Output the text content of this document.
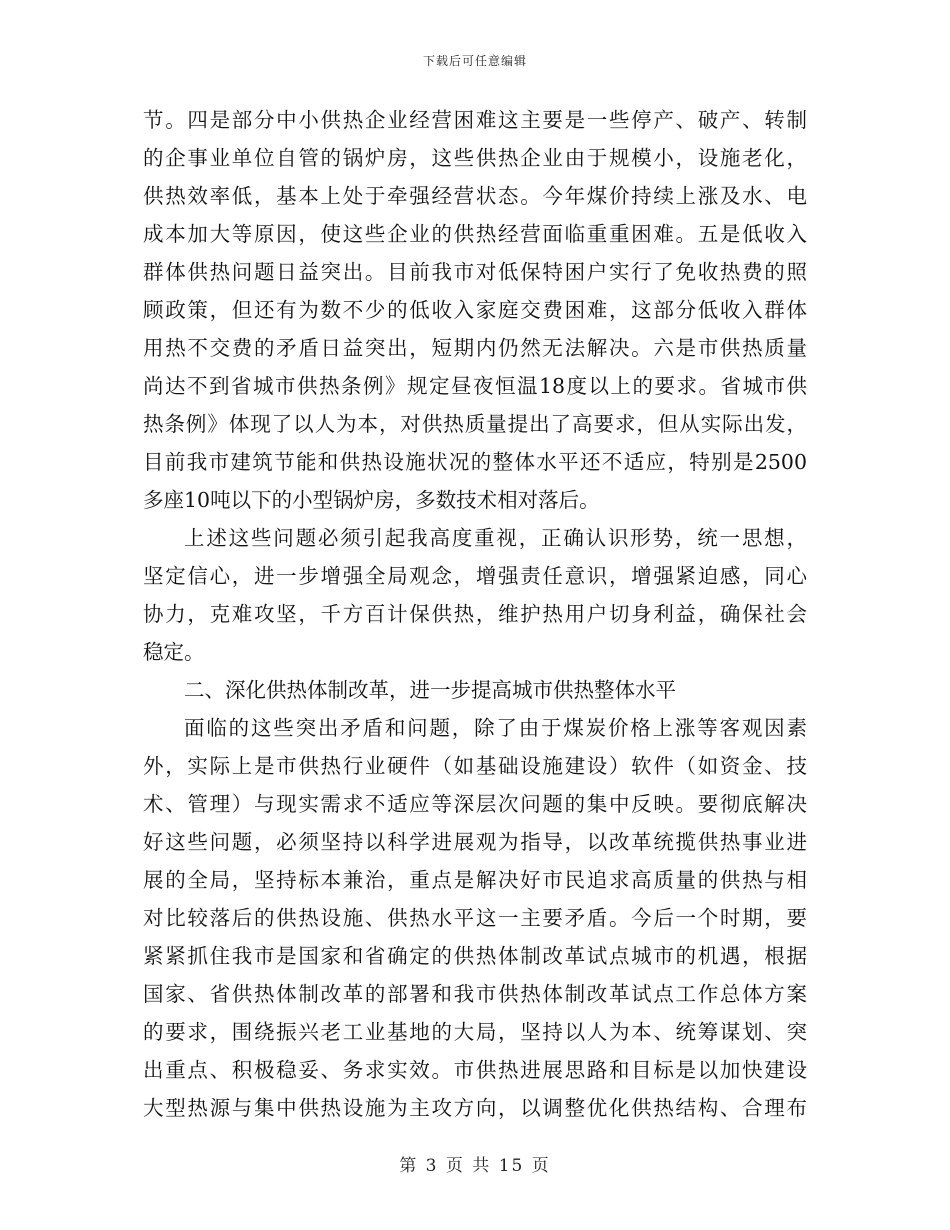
下载后可任意编辑
节。四是部分中小供热企业经营困难这主要是一些停产、破产、转制
的企事业单位自管的锅炉房，这些供热企业由于规模小，设施老化，
供热效率低，基本上处于牵强经营状态。今年煤价持续上涨及水、电
成本加大等原因，使这些企业的供热经营面临重重困难。五是低收入
群体供热问题日益突出。目前我市对低保特困户实行了免收热费的照
顾政策，但还有为数不少的低收入家庭交费困难，这部分低收入群体
用热不交费的矛盾日益突出，短期内仍然无法解决。六是市供热质量
尚达不到省城市供热条例》规定昼夜恒温18度以上的要求。省城市供
热条例》体现了以人为本，对供热质量提出了高要求，但从实际出发，
目前我市建筑节能和供热设施状况的整体水平还不适应，特别是2500
多座10吨以下的小型锅炉房，多数技术相对落后。
上述这些问题必须引起我高度重视，正确认识形势，统一思想，
坚定信心，进一步增强全局观念，增强责任意识，增强紧迫感，同心
协力，克难攻坚，千方百计保供热，维护热用户切身利益，确保社会
稳定。
二、深化供热体制改革，进一步提高城市供热整体水平
面临的这些突出矛盾和问题，除了由于煤炭价格上涨等客观因素
外，实际上是市供热行业硬件（如基础设施建设）软件（如资金、技
术、管理）与现实需求不适应等深层次问题的集中反映。要彻底解决
好这些问题，必须坚持以科学进展观为指导，以改革统揽供热事业进
展的全局，坚持标本兼治，重点是解决好市民追求高质量的供热与相
对比较落后的供热设施、供热水平这一主要矛盾。今后一个时期，要
紧紧抓住我市是国家和省确定的供热体制改革试点城市的机遇，根据
国家、省供热体制改革的部署和我市供热体制改革试点工作总体方案
的要求，围绕振兴老工业基地的大局，坚持以人为本、统筹谋划、突
出重点、积极稳妥、务求实效。市供热进展思路和目标是以加快建设
大型热源与集中供热设施为主攻方向，以调整优化供热结构、合理布
第 3 页 共 15 页
